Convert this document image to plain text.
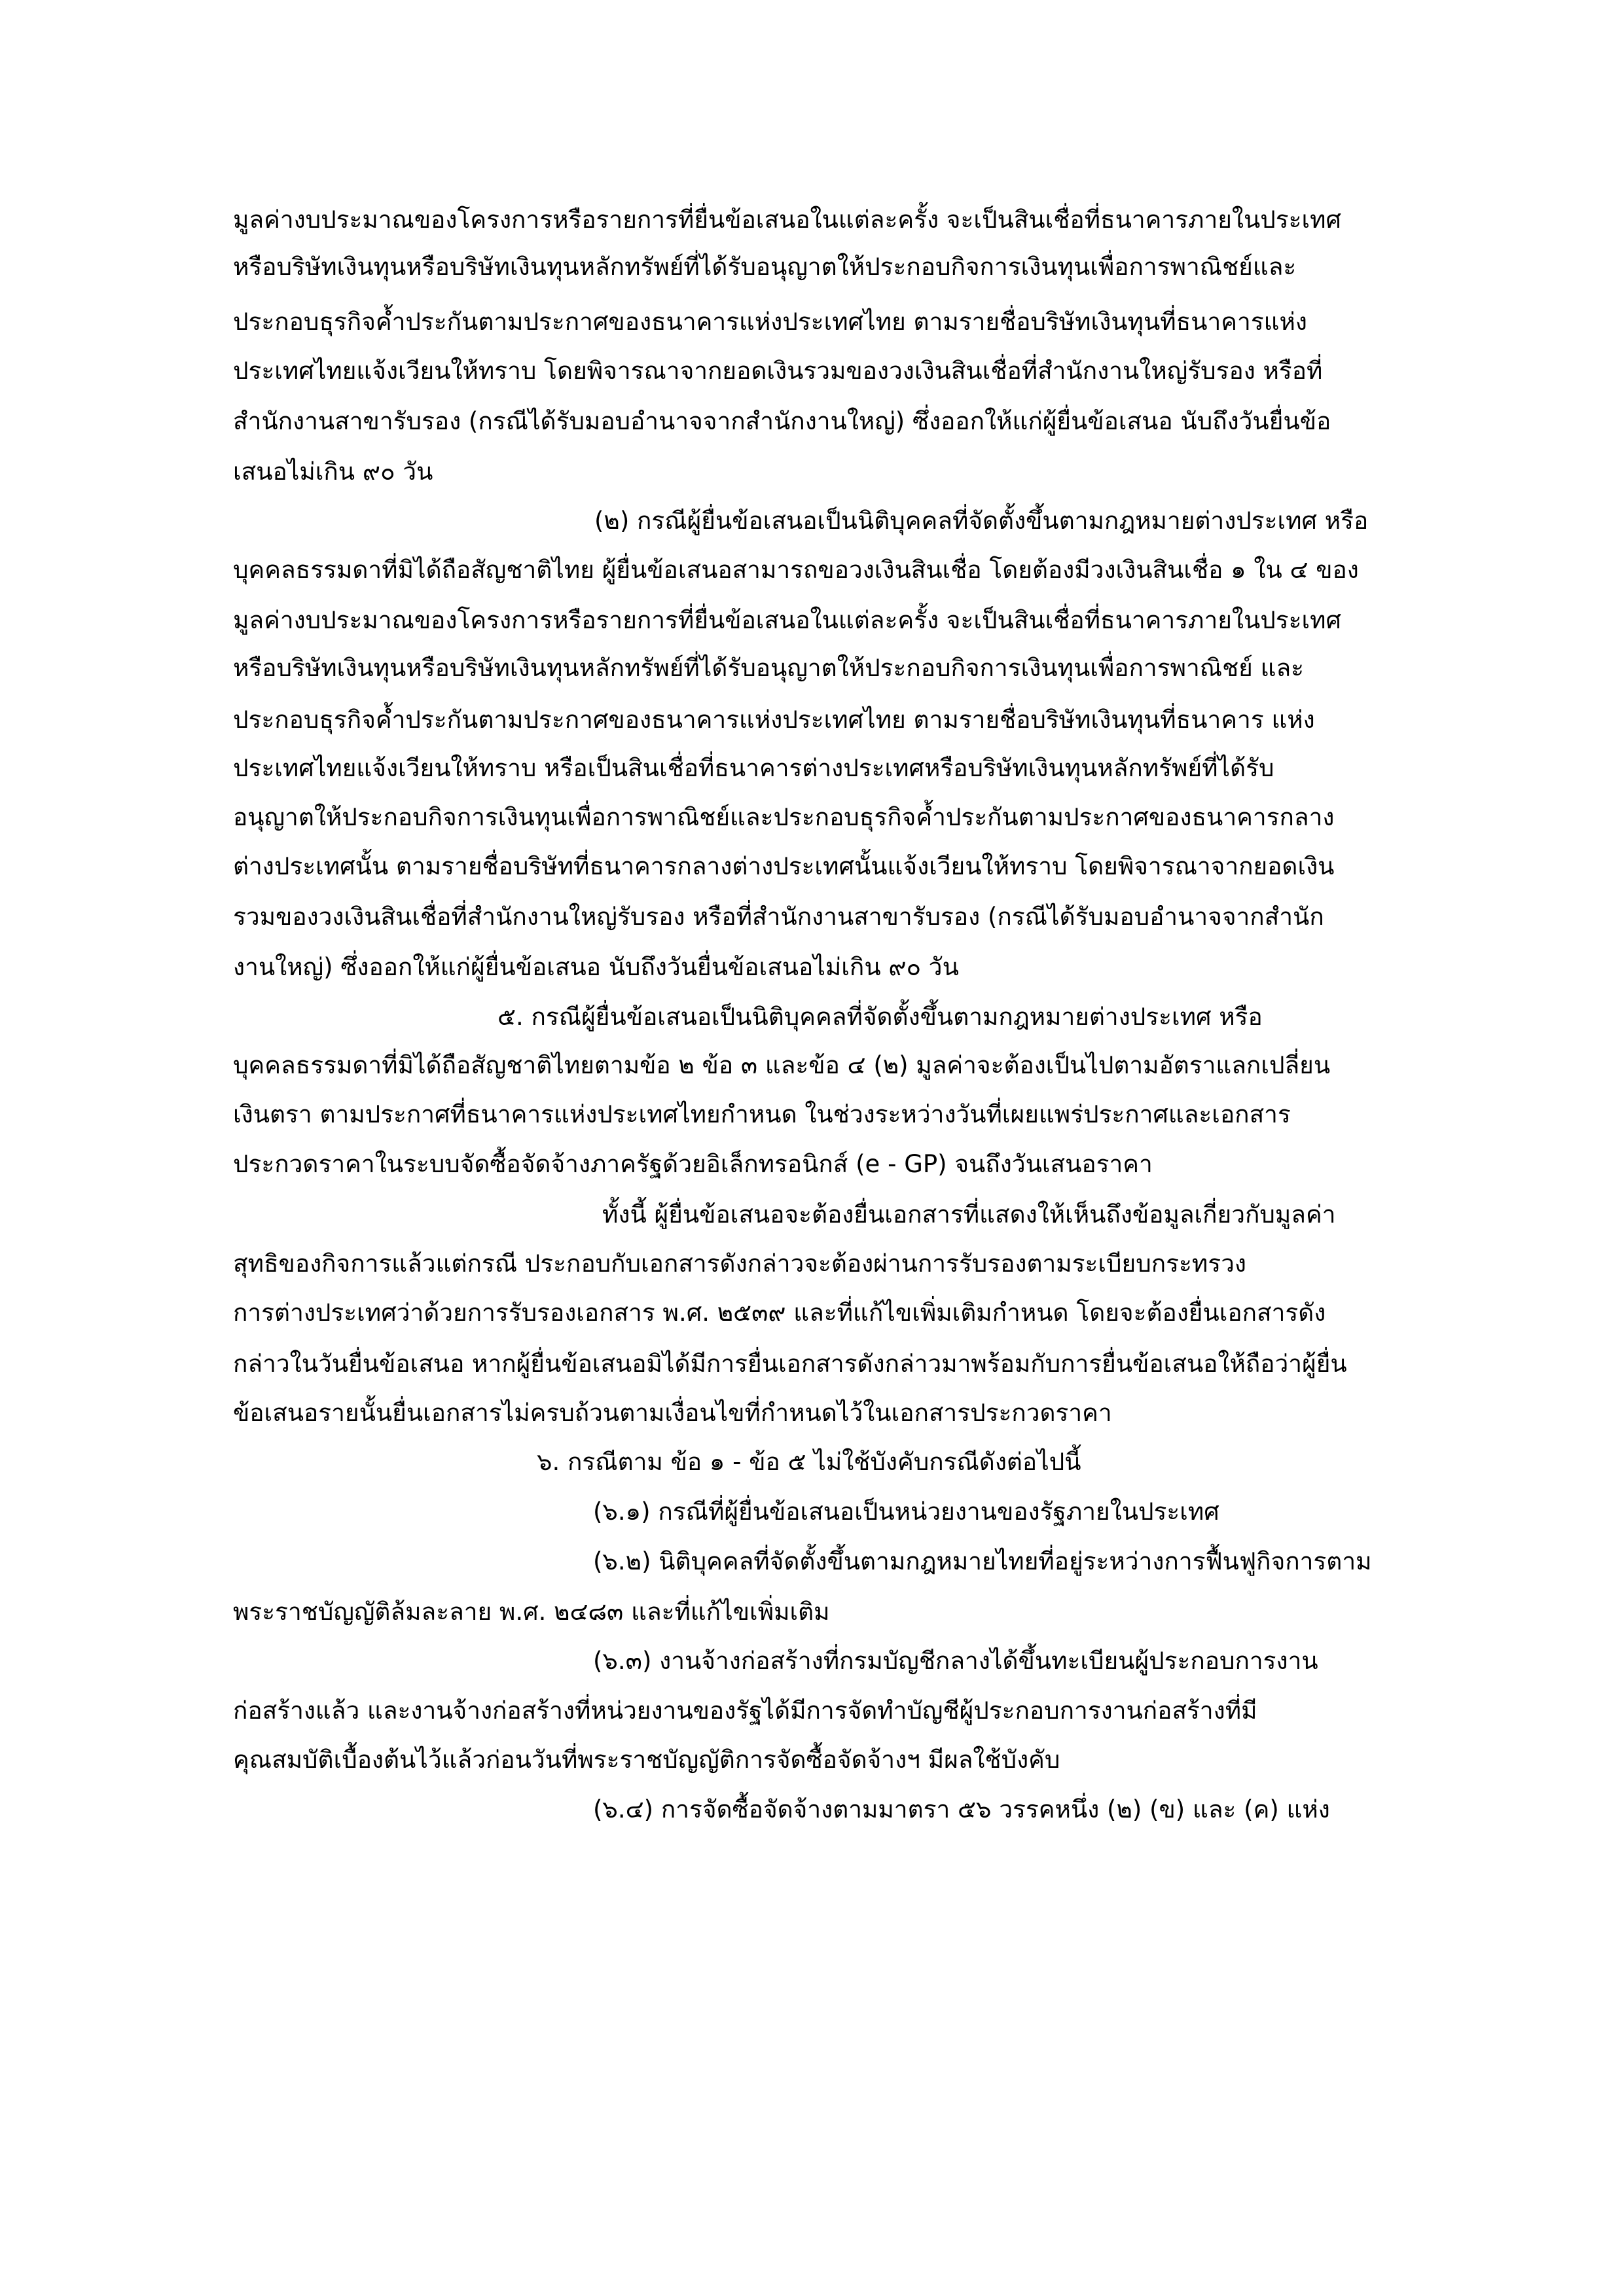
มูลค่างบประมาณของโครงการหรือรายการที่ยื่นข้อเสนอในแต่ละครั้ง จะเป็นสินเชื่อที่ธนาคารภายในประเทศ
หรือบริษัทเงินทุนหรือบริษัทเงินทุนหลักทรัพย์ที่ได้รับอนุญาตให้ประกอบกิจการเงินทุนเพื่อการพาณิชย์และ
ประกอบธุรกิจค้ำประกันตามประกาศของธนาคารแห่งประเทศไทย ตามรายชื่อบริษัทเงินทุนที่ธนาคารแห่ง
ประเทศไทยแจ้งเวียนให้ทราบ โดยพิจารณาจากยอดเงินรวมของวงเงินสินเชื่อที่สำนักงานใหญ่รับรอง หรือที่
สำนักงานสาขารับรอง (กรณีได้รับมอบอำนาจจากสำนักงานใหญ่) ซึ่งออกให้แก่ผู้ยื่นข้อเสนอ นับถึงวันยื่นข้อ
เสนอไม่เกิน ๙๐ วัน
(๒) กรณีผู้ยื่นข้อเสนอเป็นนิติบุคคลที่จัดตั้งขึ้นตามกฎหมายต่างประเทศ หรือ
บุคคลธรรมดาที่มิได้ถือสัญชาติไทย ผู้ยื่นข้อเสนอสามารถขอวงเงินสินเชื่อ โดยต้องมีวงเงินสินเชื่อ ๑ ใน ๔ ของ
มูลค่างบประมาณของโครงการหรือรายการที่ยื่นข้อเสนอในแต่ละครั้ง จะเป็นสินเชื่อที่ธนาคารภายในประเทศ
หรือบริษัทเงินทุนหรือบริษัทเงินทุนหลักทรัพย์ที่ได้รับอนุญาตให้ประกอบกิจการเงินทุนเพื่อการพาณิชย์ และ
ประกอบธุรกิจค้ำประกันตามประกาศของธนาคารแห่งประเทศไทย ตามรายชื่อบริษัทเงินทุนที่ธนาคาร แห่ง
ประเทศไทยแจ้งเวียนให้ทราบ หรือเป็นสินเชื่อที่ธนาคารต่างประเทศหรือบริษัทเงินทุนหลักทรัพย์ที่ได้รับ
อนุญาตให้ประกอบกิจการเงินทุนเพื่อการพาณิชย์และประกอบธุรกิจค้ำประกันตามประกาศของธนาคารกลาง
ต่างประเทศนั้น ตามรายชื่อบริษัทที่ธนาคารกลางต่างประเทศนั้นแจ้งเวียนให้ทราบ โดยพิจารณาจากยอดเงิน
รวมของวงเงินสินเชื่อที่สำนักงานใหญ่รับรอง หรือที่สำนักงานสาขารับรอง (กรณีได้รับมอบอำนาจจากสำนัก
งานใหญ่) ซึ่งออกให้แก่ผู้ยื่นข้อเสนอ นับถึงวันยื่นข้อเสนอไม่เกิน ๙๐ วัน
๕. กรณีผู้ยื่นข้อเสนอเป็นนิติบุคคลที่จัดตั้งขึ้นตามกฎหมายต่างประเทศ หรือ
บุคคลธรรมดาที่มิได้ถือสัญชาติไทยตามข้อ ๒ ข้อ ๓ และข้อ ๔ (๒) มูลค่าจะต้องเป็นไปตามอัตราแลกเปลี่ยน
เงินตรา ตามประกาศที่ธนาคารแห่งประเทศไทยกำหนด ในช่วงระหว่างวันที่เผยแพร่ประกาศและเอกสาร
ประกวดราคาในระบบจัดซื้อจัดจ้างภาครัฐด้วยอิเล็กทรอนิกส์ (e - GP) จนถึงวันเสนอราคา
ทั้งนี้ ผู้ยื่นข้อเสนอจะต้องยื่นเอกสารที่แสดงให้เห็นถึงข้อมูลเกี่ยวกับมูลค่า
สุทธิของกิจการแล้วแต่กรณี ประกอบกับเอกสารดังกล่าวจะต้องผ่านการรับรองตามระเบียบกระทรวง
การต่างประเทศว่าด้วยการรับรองเอกสาร พ.ศ. ๒๕๓๙ และที่แก้ไขเพิ่มเติมกำหนด โดยจะต้องยื่นเอกสารดัง
กล่าวในวันยื่นข้อเสนอ หากผู้ยื่นข้อเสนอมิได้มีการยื่นเอกสารดังกล่าวมาพร้อมกับการยื่นข้อเสนอให้ถือว่าผู้ยื่น
ข้อเสนอรายนั้นยื่นเอกสารไม่ครบถ้วนตามเงื่อนไขที่กำหนดไว้ในเอกสารประกวดราคา
๖. กรณีตาม ข้อ ๑ - ข้อ ๕ ไม่ใช้บังคับกรณีดังต่อไปนี้
(๖.๑) กรณีที่ผู้ยื่นข้อเสนอเป็นหน่วยงานของรัฐภายในประเทศ
(๖.๒) นิติบุคคลที่จัดตั้งขึ้นตามกฎหมายไทยที่อยู่ระหว่างการฟื้นฟูกิจการตาม
พระราชบัญญัติล้มละลาย พ.ศ. ๒๔๘๓ และที่แก้ไขเพิ่มเติม
(๖.๓) งานจ้างก่อสร้างที่กรมบัญชีกลางได้ขึ้นทะเบียนผู้ประกอบการงาน
ก่อสร้างแล้ว และงานจ้างก่อสร้างที่หน่วยงานของรัฐได้มีการจัดทำบัญชีผู้ประกอบการงานก่อสร้างที่มี
คุณสมบัติเบื้องต้นไว้แล้วก่อนวันที่พระราชบัญญัติการจัดซื้อจัดจ้างฯ มีผลใช้บังคับ
(๖.๔) การจัดซื้อจัดจ้างตามมาตรา ๕๖ วรรคหนึ่ง (๒) (ข) และ (ค) แห่ง
